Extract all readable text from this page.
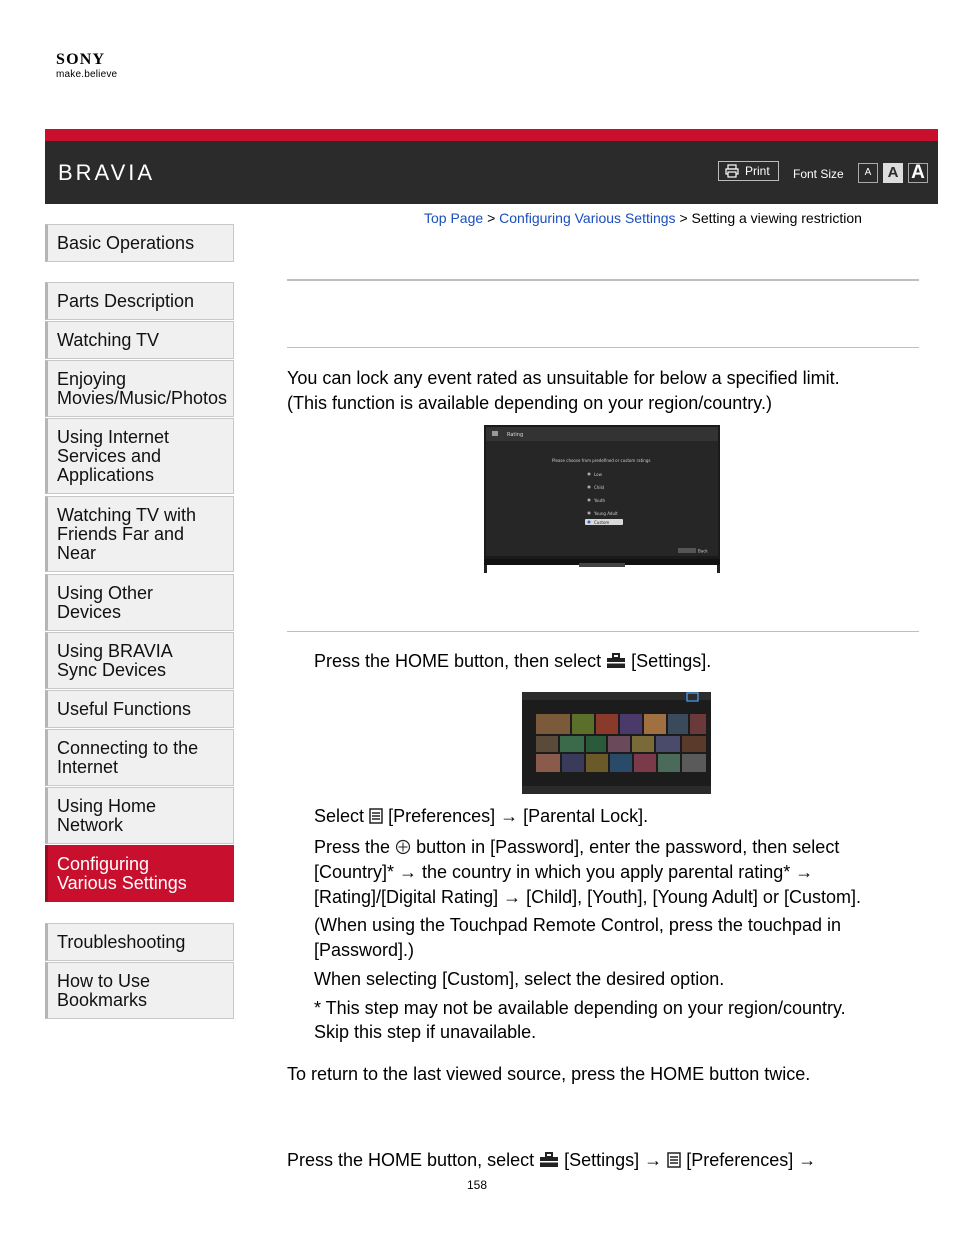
SONY
make.believe
BRAVIA	Print Font Size	A	A A
Top Page > Configuring Various Settings > Setting a viewing restriction
Basic Operations
Parts Description
Watching TV
Enjoying Movies/Music/Photos
Using Internet Services and Applications
Watching TV with Friends Far and Near
Using Other Devices
Using BRAVIA Sync Devices
Useful Functions
Connecting to the Internet
Using Home Network
Configuring Various Settings
Troubleshooting
How to Use Bookmarks
You can lock any event rated as unsuitable for below a specified limit.
(This function is available depending on your region/country.)
Rating
Please choose from predefined or custom ratings
Low
Child
Youth
Young Adult
Custom
Back
Press the HOME button, then select [Settings].
Select [Preferences] → [Parental Lock].
Press the button in [Password], enter the password, then select
[Country]* → the country in which you apply parental rating* →
[Rating]/[Digital Rating] → [Child], [Youth], [Young Adult] or [Custom].
(When using the Touchpad Remote Control, press the touchpad in
[Password].)
When selecting [Custom], select the desired option.
* This step may not be available depending on your region/country.
Skip this step if unavailable.
To return to the last viewed source, press the HOME button twice.
Press the HOME button, select [Settings] → [Preferences] →
158
